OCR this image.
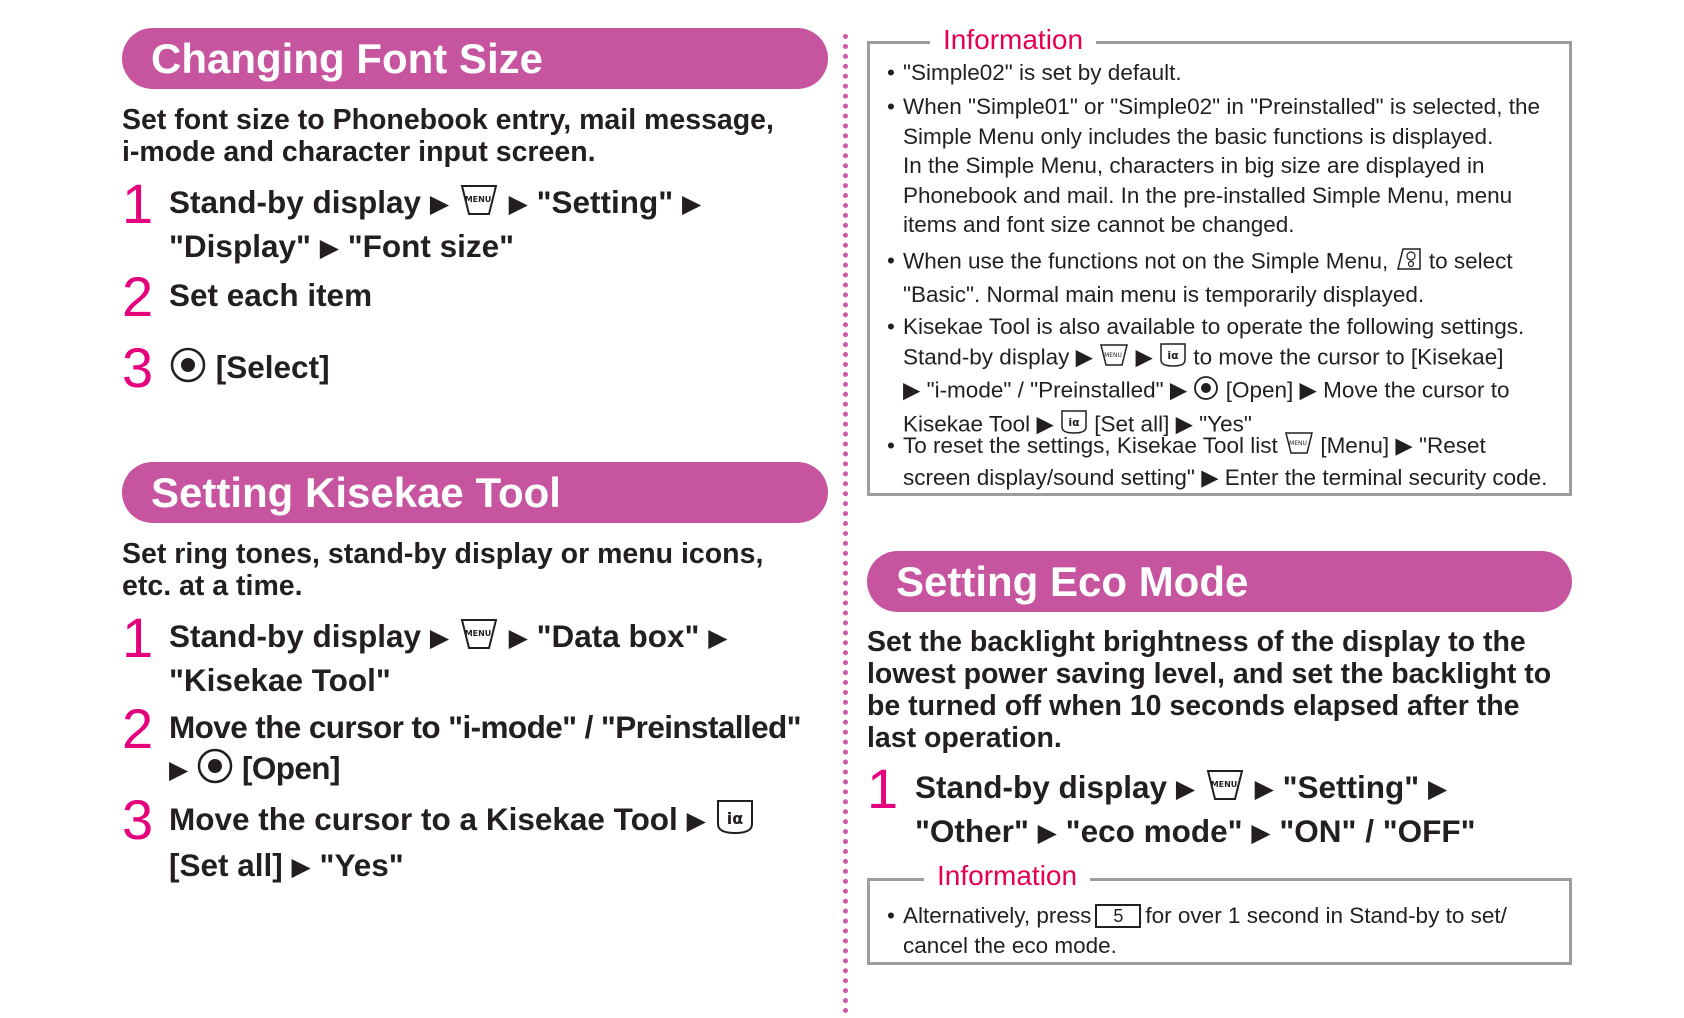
Changing Font Size
Set font size to Phonebook entry, mail message,
i-mode and character input screen.
1 Stand-by display ▶ MENU ▶ "Setting" ▶
"Display" ▶ "Font size"
2 Set each item
3	[Select]
Setting Kisekae Tool
Set ring tones, stand-by display or menu icons,
etc. at a time.
1 Stand-by display ▶ MENU ▶ "Data box" ▶
"Kisekae Tool"
2 Move the cursor to "i-mode" / "Preinstalled"
▶ [Open]
3 Move the cursor to a Kisekae Tool ▶ iα
[Set all] ▶ "Yes"
Information
• "Simple02" is set by default.
• When "Simple01" or "Simple02" in "Preinstalled" is selected, the
Simple Menu only includes the basic functions is displayed.
In the Simple Menu, characters in big size are displayed in
Phonebook and mail. In the pre-installed Simple Menu, menu
items and font size cannot be changed.
• When use the functions not on the Simple Menu, to select
"Basic". Normal main menu is temporarily displayed.
• Kisekae Tool is also available to operate the following settings.
Stand-by display ▶ MENU ▶ iα to move the cursor to [Kisekae]
▶ "i-mode" / "Preinstalled" ▶ [Open] ▶ Move the cursor to
Kisekae Tool ▶ iα [Set all] ▶ "Yes"
• To reset the settings, Kisekae Tool list MENU [Menu] ▶ "Reset
screen display/sound setting" ▶ Enter the terminal security code.
Setting Eco Mode
Set the backlight brightness of the display to the
lowest power saving level, and set the backlight to
be turned off when 10 seconds elapsed after the
last operation.
1 Stand-by display ▶ MENU ▶ "Setting" ▶
"Other" ▶ "eco mode" ▶ "ON" / "OFF"
Information
• Alternatively, press 5 for over 1 second in Stand-by to set/
cancel the eco mode.
